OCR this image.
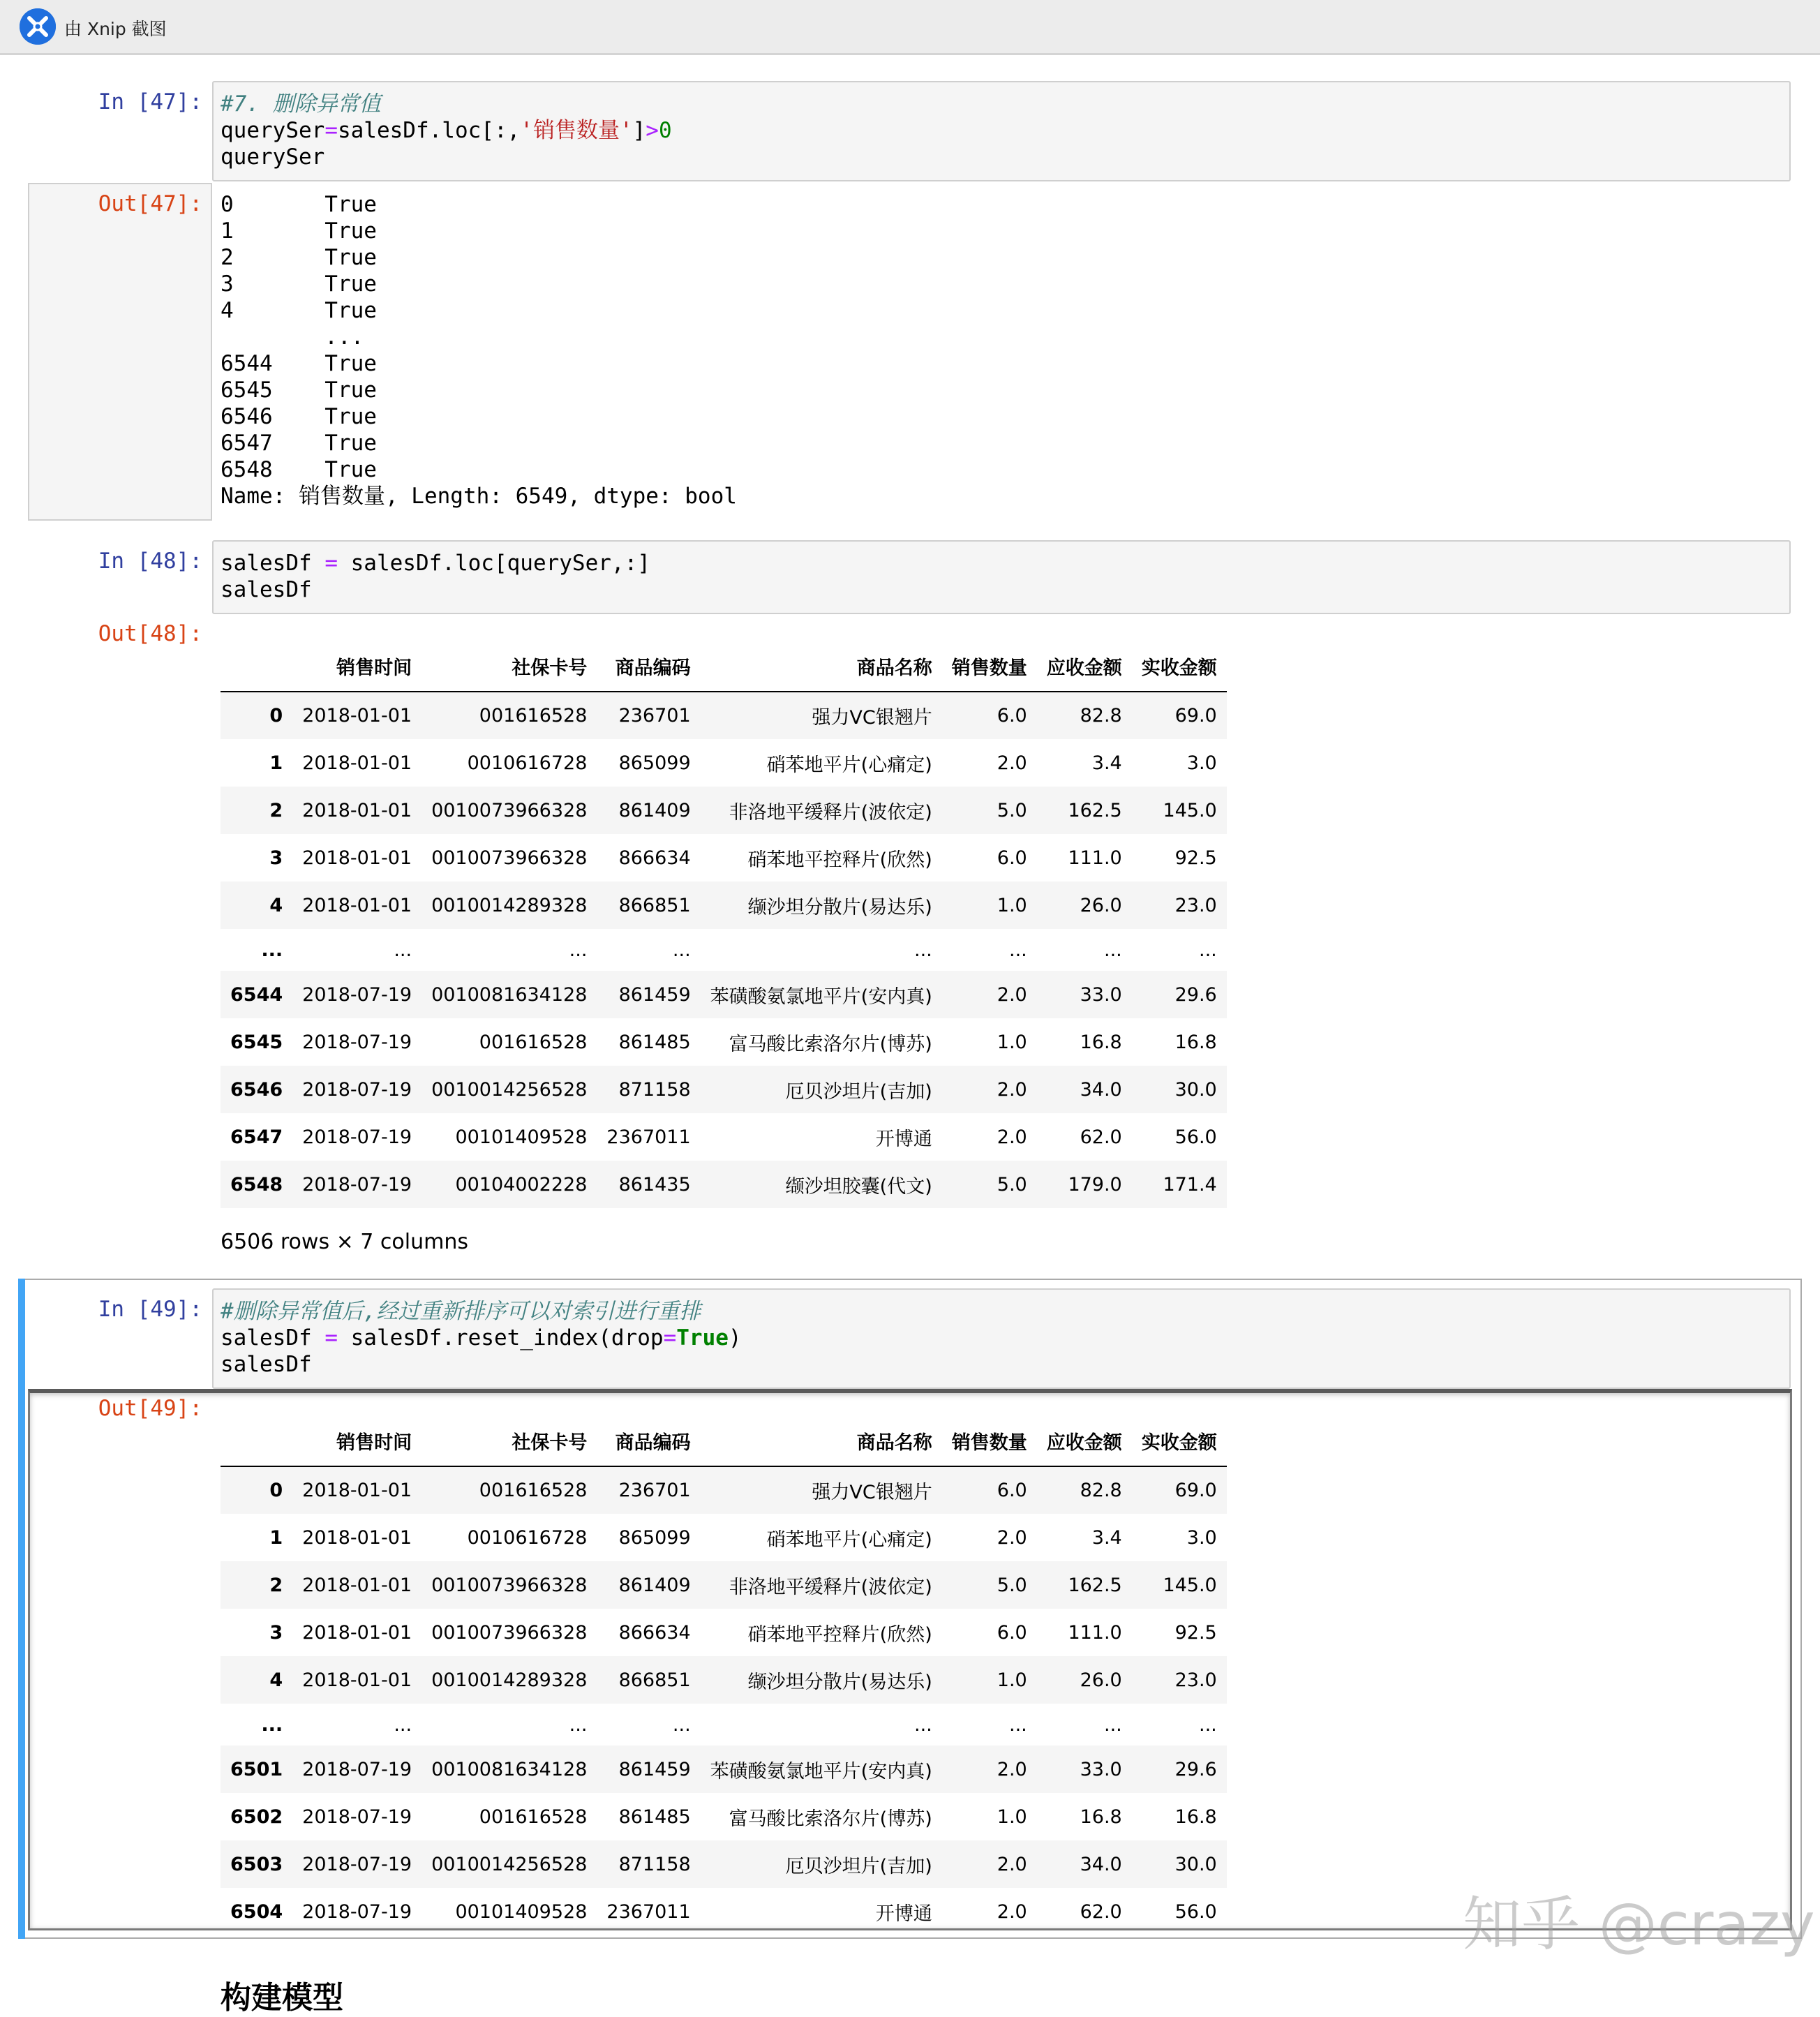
由 Xnip 截图
In [47]: #7. 删除异常值
querySer=salesDf.loc[:,'销售数量']>0
querySer
Out[47]: 0       True
1       True
2       True
3       True
4       True
...
6544    True
6545    True
6546    True
6547    True
6548    True
Name: 销售数量, Length: 6549, dtype: bool
In [48]: salesDf = salesDf.loc[querySer,:]
salesDf
Out[48]:
	销售时间	社保卡号	商品编码	商品名称	销售数量	应收金额	实收金额
0	2018-01-01	001616528	236701	强力VC银翘片	6.0	82.8	69.0
1	2018-01-01	0010616728	865099	硝苯地平片(心痛定)	2.0	3.4	3.0
2	2018-01-01	0010073966328	861409	非洛地平缓释片(波依定)	5.0	162.5	145.0
3	2018-01-01	0010073966328	866634	硝苯地平控释片(欣然)	6.0	111.0	92.5
4	2018-01-01	0010014289328	866851	缬沙坦分散片(易达乐)	1.0	26.0	23.0
...	...	...	...	...	...	...	...
6544	2018-07-19	0010081634128	861459	苯磺酸氨氯地平片(安内真)	2.0	33.0	29.6
6545	2018-07-19	001616528	861485	富马酸比索洛尔片(博苏)	1.0	16.8	16.8
6546	2018-07-19	0010014256528	871158	厄贝沙坦片(吉加)	2.0	34.0	30.0
6547	2018-07-19	00101409528	2367011	开博通	2.0	62.0	56.0
6548	2018-07-19	00104002228	861435	缬沙坦胶囊(代文)	5.0	179.0	171.4
6506 rows × 7 columns
In [49]: #删除异常值后,经过重新排序可以对索引进行重排
salesDf = salesDf.reset_index(drop=True)
salesDf
Out[49]:
	销售时间	社保卡号	商品编码	商品名称	销售数量	应收金额	实收金额
0	2018-01-01	001616528	236701	强力VC银翘片	6.0	82.8	69.0
1	2018-01-01	0010616728	865099	硝苯地平片(心痛定)	2.0	3.4	3.0
2	2018-01-01	0010073966328	861409	非洛地平缓释片(波依定)	5.0	162.5	145.0
3	2018-01-01	0010073966328	866634	硝苯地平控释片(欣然)	6.0	111.0	92.5
4	2018-01-01	0010014289328	866851	缬沙坦分散片(易达乐)	1.0	26.0	23.0
...	...	...	...	...	...	...	...
6501	2018-07-19	0010081634128	861459	苯磺酸氨氯地平片(安内真)	2.0	33.0	29.6
6502	2018-07-19	001616528	861485	富马酸比索洛尔片(博苏)	1.0	16.8	16.8
6503	2018-07-19	0010014256528	871158	厄贝沙坦片(吉加)	2.0	34.0	30.0
6504	2018-07-19	00101409528	2367011	开博通	2.0	62.0	56.0	知乎 @crazy
构建模型
